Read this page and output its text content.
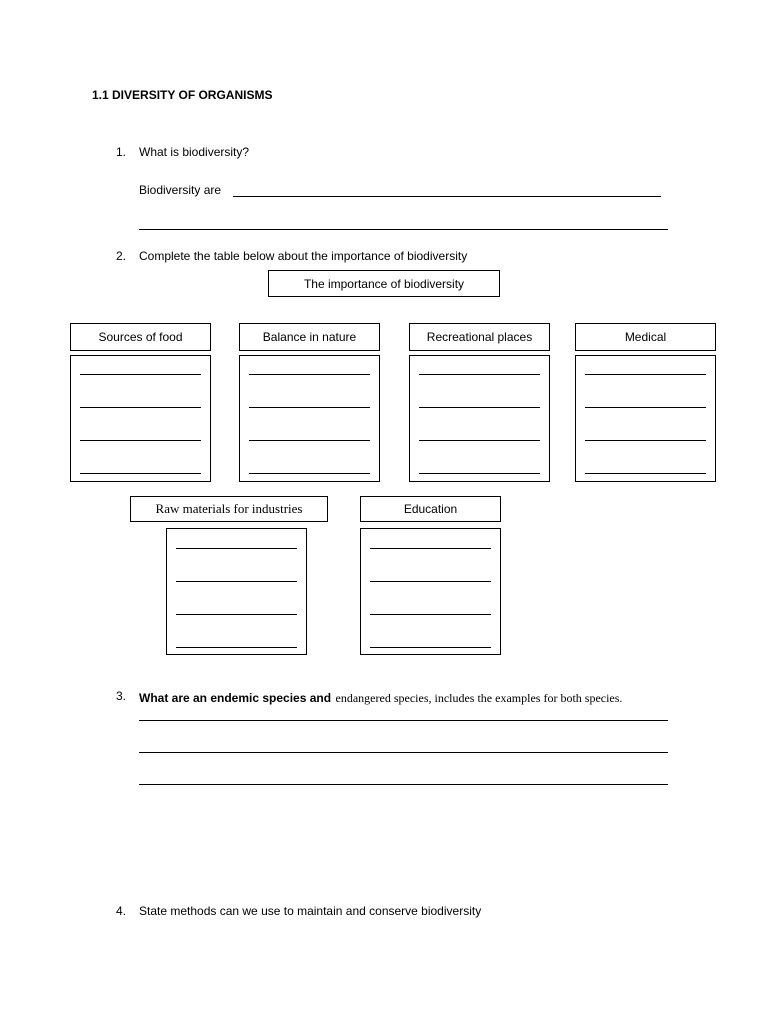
1.1 DIVERSITY OF ORGANISMS
1. What is biodiversity?
Biodiversity are
2. Complete the table below about the importance of biodiversity
The importance of biodiversity
Sources of food	Balance in nature	Recreational places	Medical
Raw materials for industries	Education
3. What are an endemic species and endangered species, includes the examples for both species.
4. State methods can we use to maintain and conserve biodiversity
